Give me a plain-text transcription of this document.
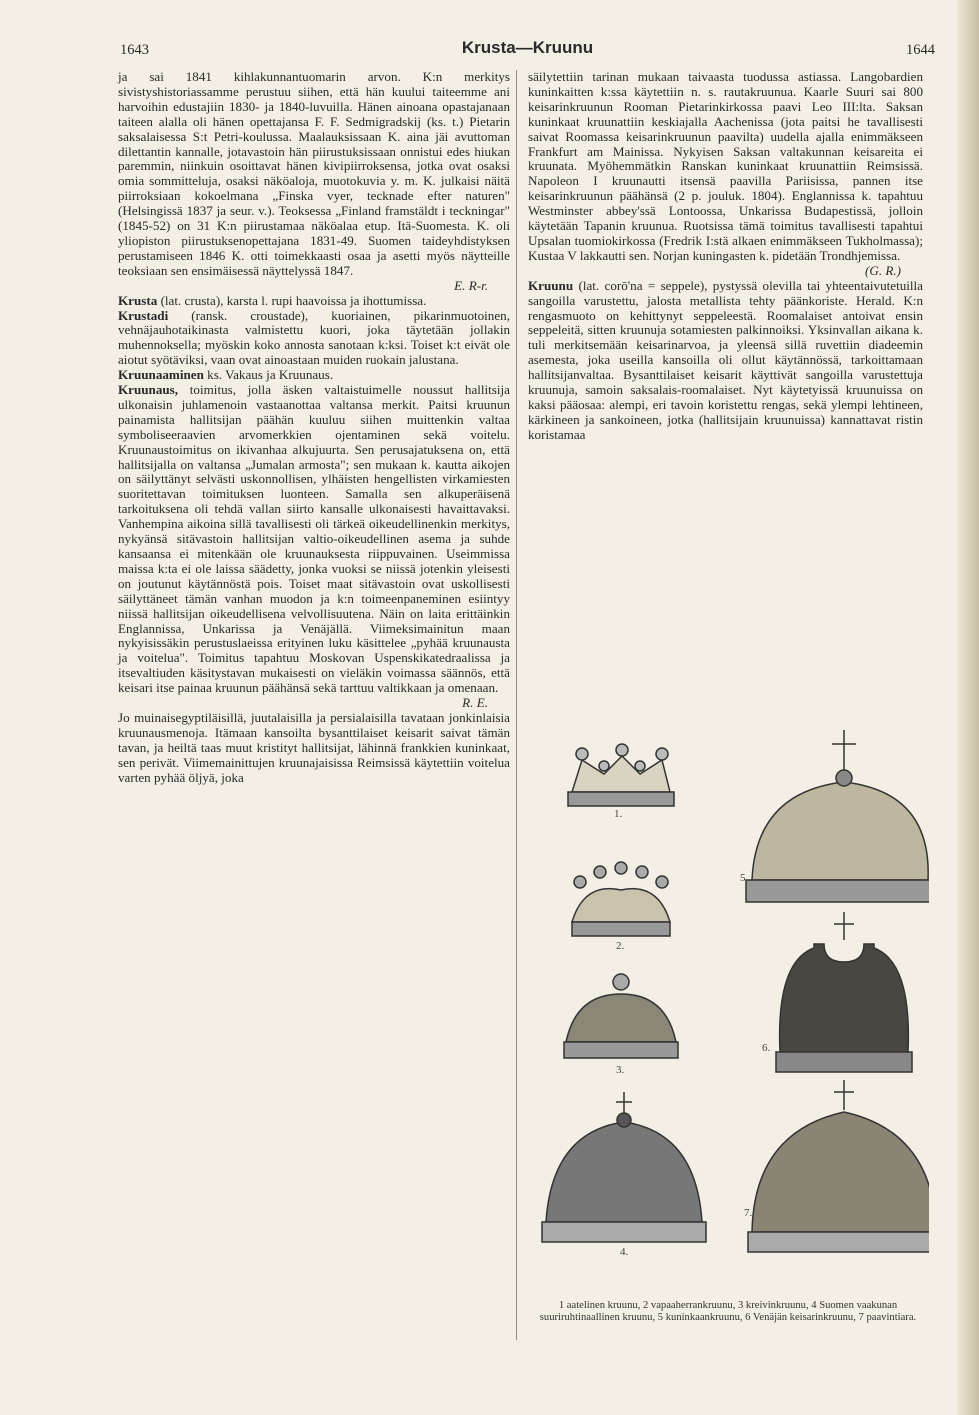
1643	Krusta—Kruunu	1644

ja sai 1841 kihlakunnantuomarin arvon. K:n merkitys sivistyshistoriassamme perustuu siihen, että hän kuului taiteemme ani harvoihin edustajiin 1830- ja 1840-luvuilla. Hänen ainoana opastajanaan taiteen alalla oli hänen opettajansa F. F. Sedmigradskij (ks. t.) Pietarin saksalaisessa S:t Petri-koulussa. Maalauksissaan K. aina jäi avuttoman dilettantin kannalle, jotavastoin hän piirustuksissaan onnistui edes hiukan paremmin, niinkuin osoittavat hänen kivipiirroksensa, jotka ovat osaksi omia sommitteluja, osaksi näköaloja, muotokuvia y. m. K. julkaisi näitä piirroksiaan kokoelmana „Finska vyer, tecknade efter naturen" (Helsingissä 1837 ja seur. v.). Teoksessa „Finland framstäldt i teckningar" (1845-52) on 31 K:n piirustamaa näköalaa etup. Itä-Suomesta. K. oli yliopiston piirustuksenopettajana 1831-49. Suomen taideyhdistyksen perustamiseen 1846 K. otti toimekkaasti osaa ja asetti myös näytteille teoksiaan sen ensimäisessä näyttelyssä 1847.

E. R-r.

Krusta (lat. crusta), karsta l. rupi haavoissa ja ihottumissa.

Krustadi (ransk. croustade), kuoriainen, pikarinmuotoinen, vehnäjauhotaikinasta valmistettu kuori, joka täytetään jollakin muhennoksella; myöskin koko annosta sanotaan k:ksi. Toiset k:t eivät ole aiotut syötäviksi, vaan ovat ainoastaan muiden ruokain jalustana.

Kruunaaminen ks. Vakaus ja Kruunaus.

Kruunaus, toimitus, jolla äsken valtaistuimelle noussut hallitsija ulkonaisin juhlamenoin vastaanottaa valtansa merkit. Paitsi kruunun painamista hallitsijan päähän kuuluu siihen muittenkin valtaa symboliseeraavien arvomerkkien ojentaminen sekä voitelu. Kruunaustoimitus on ikivanhaa alkujuurta. Sen perusajatuksena on, että hallitsijalla on valtansa „Jumalan armosta"; sen mukaan k. kautta aikojen on säilyttänyt selvästi uskonnollisen, ylhäisten hengellisten virkamiesten suoritettavan toimituksen luonteen. Samalla sen alkuperäisenä tarkoituksena oli tehdä vallan siirto kansalle ulkonaisesti havaittavaksi. Vanhempina aikoina sillä tavallisesti oli tärkeä oikeudellinenkin merkitys, nykyänsä sitävastoin hallitsijan valtio-oikeudellinen asema ja suhde kansaansa ei mitenkään ole kruunauksesta riippuvainen. Useimmissa maissa k:ta ei ole laissa säädetty, jonka vuoksi se niissä jotenkin yleisesti on joutunut käytännöstä pois. Toiset maat sitävastoin ovat uskollisesti säilyttäneet tämän vanhan muodon ja k:n toimeenpaneminen esiintyy niissä hallitsijan oikeudellisena velvollisuutena. Näin on laita erittäinkin Englannissa, Unkarissa ja Venäjällä. Viimeksimainitun maan nykyisissäkin perustuslaeissa erityinen luku käsittelee „pyhää kruunausta ja voitelua". Toimitus tapahtuu Moskovan Uspenskikatedraalissa ja itsevaltiuden käsitystavan mukaisesti on vieläkin voimassa säännös, että keisari itse painaa kruunun päähänsä sekä tarttuu valtikkaan ja omenaan.

R. E.

Jo muinaisegyptiläisillä, juutalaisilla ja persialaisilla tavataan jonkinlaisia kruunausmenoja. Itämaan kansoilta bysanttilaiset keisarit saivat tämän tavan, ja heiltä taas muut kristityt hallitsijat, lähinnä frankkien kuninkaat, sen perivät. Viimemainittujen kruunajaisissa Reimsissä käytettiin voitelua varten pyhää öljyä, joka

säilytettiin tarinan mukaan taivaasta tuodussa astiassa. Langobardien kuninkaitten k:ssa käytettiin n. s. rautakruunua. Kaarle Suuri sai 800 keisarinkruunun Rooman Pietarinkirkossa paavi Leo III:lta. Saksan kuninkaat kruunattiin keskiajalla Aachenissa (jota paitsi he tavallisesti saivat Roomassa keisarinkruunun paavilta) uudella ajalla enimmäkseen Frankfurt am Mainissa. Nykyisen Saksan valtakunnan keisareita ei kruunata. Myöhemmätkin Ranskan kuninkaat kruunattiin Reimsissä. Napoleon I kruunautti itsensä paavilla Pariisissa, pannen itse keisarinkruunun päähänsä (2 p. jouluk. 1804). Englannissa k. tapahtuu Westminster abbey'ssä Lontoossa, Unkarissa Budapestissä, jolloin käytetään Tapanin kruunua. Ruotsissa tämä toimitus tavallisesti tapahtui Upsalan tuomiokirkossa (Fredrik I:stä alkaen enimmäkseen Tukholmassa); Kustaa V lakkautti sen. Norjan kuningasten k. pidetään Trondhjemissa.

(G. R.)

Kruunu (lat. corō'na = seppele), pystyssä olevilla tai yhteentaivutetuilla sangoilla varustettu, jalosta metallista tehty päänkoriste. Herald. K:n rengasmuoto on kehittynyt seppeleestä. Roomalaiset antoivat ensin seppeleitä, sitten kruunuja sotamiesten palkinnoiksi. Yksinvallan aikana k. tuli merkitsemään keisarinarvoa, ja yleensä sillä ruvettiin diadeemin asemesta, joka useilla kansoilla oli ollut käytännössä, tarkoittamaan hallitsijanvaltaa. Bysanttilaiset keisarit käyttivät sangoilla varustettuja kruunuja, samoin saksalais-roomalaiset. Nyt käytetyissä kruunuissa on kaksi pääosaa: alempi, eri tavoin koristettu rengas, sekä ylempi lehtineen, kärkineen ja sankoineen, jotka (hallitsijain kruunuissa) kannattavat ristin koristamaa

1.
2.
3.
4.
5.
6.
7.
1 aatelinen kruunu, 2 vapaaherrankruunu, 3 kreivinkruunu, 4 Suomen vaakunan suuriruhtinaallinen kruunu, 5 kuninkaankruunu, 6 Venäjän keisarinkruunu, 7 paavintiara.
